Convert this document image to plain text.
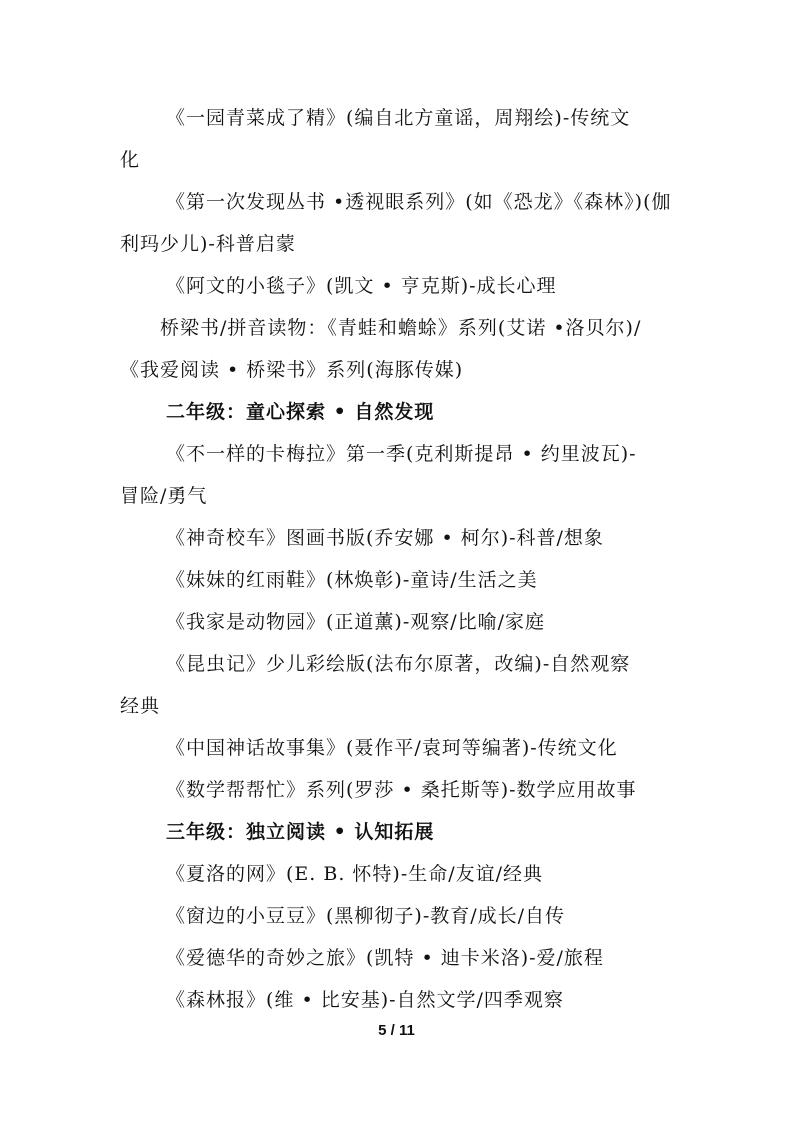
《一园青菜成了精》(编自北方童谣，周翔绘)-传统文
化
《第一次发现丛书 •透视眼系列》(如《恐龙》《森林》)(伽
利玛少儿)-科普启蒙
《阿文的小毯子》(凯文 • 亨克斯)-成长心理
桥梁书/拼音读物：《青蛙和蟾蜍》系列(艾诺 •洛贝尔)/
《我爱阅读 • 桥梁书》系列(海豚传媒)
二年级：童心探索 • 自然发现
《不一样的卡梅拉》第一季(克利斯提昂 • 约里波瓦)-
冒险/勇气
《神奇校车》图画书版(乔安娜 • 柯尔)-科普/想象
《妹妹的红雨鞋》(林焕彰)-童诗/生活之美
《我家是动物园》(正道薰)-观察/比喻/家庭
《昆虫记》少儿彩绘版(法布尔原著，改编)-自然观察
经典
《中国神话故事集》(聂作平/袁珂等编著)-传统文化
《数学帮帮忙》系列(罗莎 • 桑托斯等)-数学应用故事
三年级：独立阅读 • 认知拓展
《夏洛的网》(E. B. 怀特)-生命/友谊/经典
《窗边的小豆豆》(黑柳彻子)-教育/成长/自传
《爱德华的奇妙之旅》(凯特 • 迪卡米洛)-爱/旅程
《森林报》(维 • 比安基)-自然文学/四季观察
5 / 11
